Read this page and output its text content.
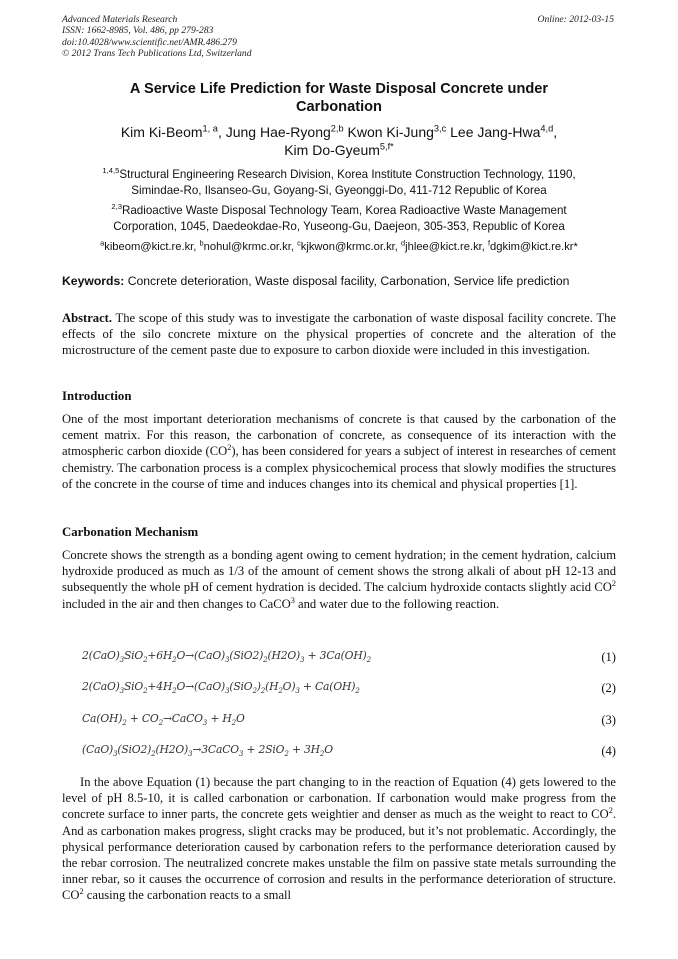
Advanced Materials Research
ISSN: 1662-8985, Vol. 486, pp 279-283
doi:10.4028/www.scientific.net/AMR.486.279
© 2012 Trans Tech Publications Ltd, Switzerland
Online: 2012-03-15
A Service Life Prediction for Waste Disposal Concrete under
Carbonation
Kim Ki-Beom$^{1, a}$, Jung Hae-Ryong$^{2,b}$ Kwon Ki-Jung$^{3,c}$ Lee Jang-Hwa$^{4,d}$,
Kim Do-Gyeum$^{5,f*}$
$^{1,4,5}$Structural Engineering Research Division, Korea Institute Construction Technology, 1190,
Simindae-Ro, Ilsanseo-Gu, Goyang-Si, Gyeonggi-Do, 411-712 Republic of Korea
$^{2,3}$Radioactive Waste Disposal Technology Team, Korea Radioactive Waste Management
Corporation, 1045, Daedeokdae-Ro, Yuseong-Gu, Daejeon, 305-353, Republic of Korea
$^a$kibeom@kict.re.kr, $^b$nohul@krmc.or.kr, $^c$kjkwon@krmc.or.kr, $^d$jhlee@kict.re.kr, $^f$dgkim@kict.re.kr*
Keywords: Concrete deterioration, Waste disposal facility, Carbonation, Service life prediction
Abstract. The scope of this study was to investigate the carbonation of waste disposal facility concrete. The effects of the silo concrete mixture on the physical properties of concrete and the alteration of the microstructure of the cement paste due to exposure to carbon dioxide were included in this investigation.
Introduction
One of the most important deterioration mechanisms of concrete is that caused by the carbonation of the cement matrix. For this reason, the carbonation of concrete, as consequence of its interaction with the atmospheric carbon dioxide $(CO^2)$, has been considered for years a subject of interest in researches of cement chemistry. The carbonation process is a complex physicochemical process that slowly modifies the structures of the concrete in the course of time and induces changes into its chemical and physical properties [1].
Carbonation Mechanism
Concrete shows the strength as a bonding agent owing to cement hydration; in the cement hydration, calcium hydroxide produced as much as 1/3 of the amount of cement shows the strong alkali of about pH 12-13 and subsequently the whole pH of cement hydration is decided. The calcium hydroxide contacts slightly acid $CO^2$ included in the air and then changes to CaCO$^3$ and water due to the following reaction.
$2(CaO)_3SiO_2+6H_2O\to(CaO)_3(SiO2)_2(H2O)_3 + 3Ca(OH)_2$	(1)
$2(CaO)_3SiO_2+4H_2O\to(CaO)_3(SiO_2)_2(H_2O)_3 + Ca(OH)_2$	(2)
$Ca(OH)_2$ + $CO_2\to CaCO_3 + H_2O$	(3)
$(CaO)_3(SiO2)_2(H2O)_3\to 3CaCO_3 + 2SiO_2 + 3H_2O$	(4)
In the above Equation (1) because the part changing to in the reaction of Equation (4) gets lowered to the level of pH 8.5-10, it is called carbonation or carbonation. If carbonation would make progress from the concrete surface to inner parts, the concrete gets weightier and denser as much as the weight to react to $CO^2$. And as carbonation makes progress, slight cracks may be produced, but it’s not problematic. Accordingly, the physical performance deterioration caused by carbonation refers to the performance deterioration caused by the rebar corrosion. The neutralized concrete makes unstable the film on passive state metals surrounding the inner rebar, so it causes the occurrence of corrosion and results in the performance deterioration of structure. $CO^2$ causing the carbonation reacts to a small
